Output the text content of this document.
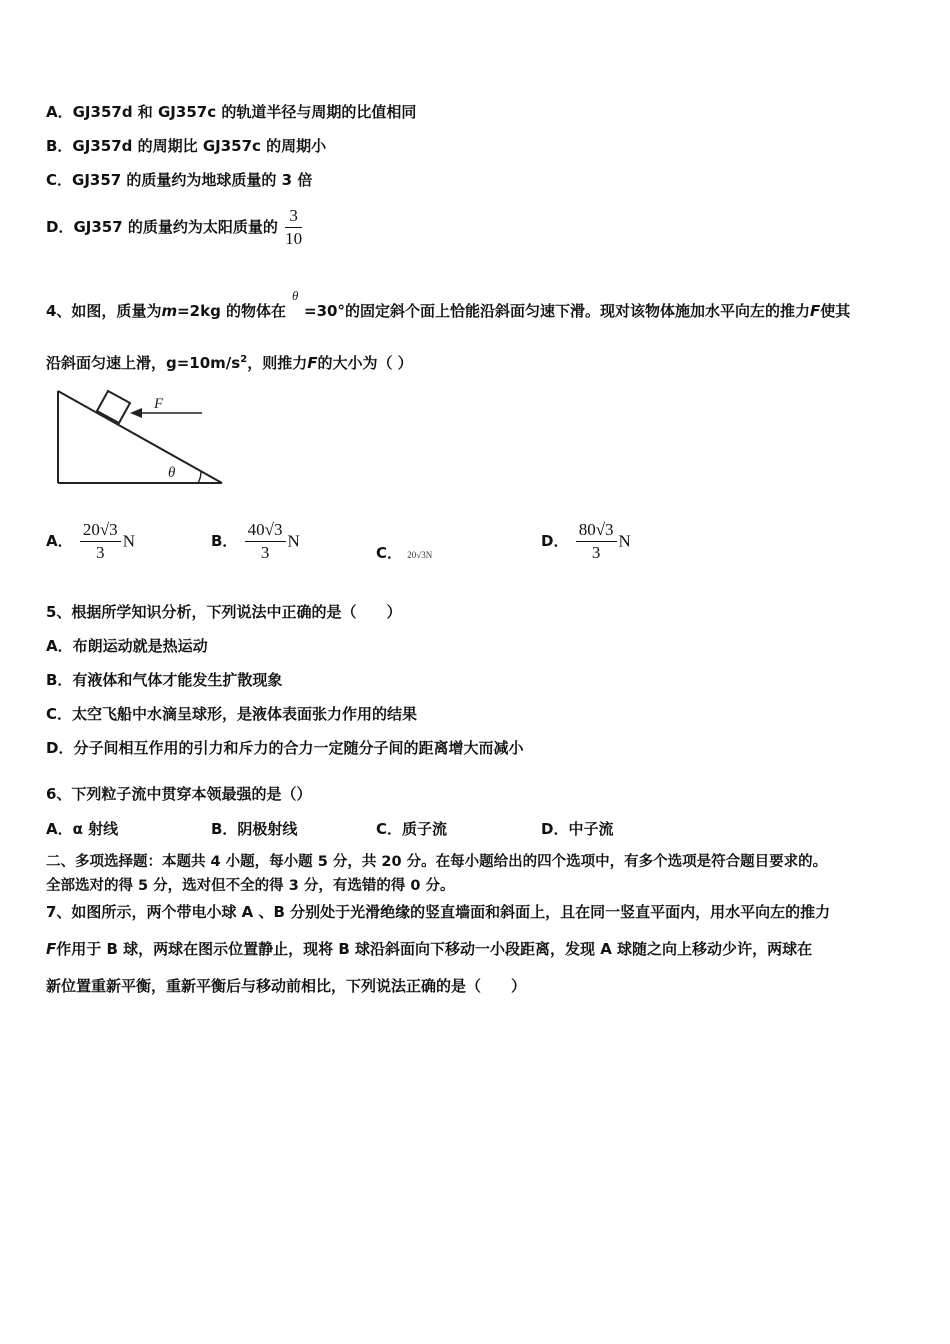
A．GJ357d 和 GJ357c 的轨道半径与周期的比值相同
B．GJ357d 的周期比 GJ357c 的周期小
C．GJ357 的质量约为地球质量的 3 倍
D．GJ357 的质量约为太阳质量的 $\frac{3}{10}$
4、如图，质量为m=2kg 的物体在 =30°的固定斜个面上恰能沿斜面匀速下滑。现对该物体施加水平向左的推力F使其
θ
沿斜面匀速上滑，$g=10m/s^2$，则推力F的大小为（ ）
F
θ
A． $\frac{20√3}{3}$ N	B． $\frac{40√3}{3}$ N
C． 20√3N
D． $\frac{80√3}{3}$ N
5、根据所学知识分析，下列说法中正确的是（　　）
A．布朗运动就是热运动
B．有液体和气体才能发生扩散现象
C．太空飞船中水滴呈球形，是液体表面张力作用的结果
D．分子间相互作用的引力和斥力的合力一定随分子间的距离增大而减小
6、下列粒子流中贯穿本领最强的是（）
A．α 射线	B．阴极射线	C．质子流	D．中子流
二、多项选择题：本题共 4 小题，每小题 5 分，共 20 分。在每小题给出的四个选项中，有多个选项是符合题目要求的。
全部选对的得 5 分，选对但不全的得 3 分，有选错的得 0 分。
7、如图所示，两个带电小球 A 、B 分别处于光滑绝缘的竖直墙面和斜面上，且在同一竖直平面内，用水平向左的推力
F作用于 B 球，两球在图示位置静止，现将 B 球沿斜面向下移动一小段距离，发现 A 球随之向上移动少许，两球在
新位置重新平衡，重新平衡后与移动前相比，下列说法正确的是（　　）
